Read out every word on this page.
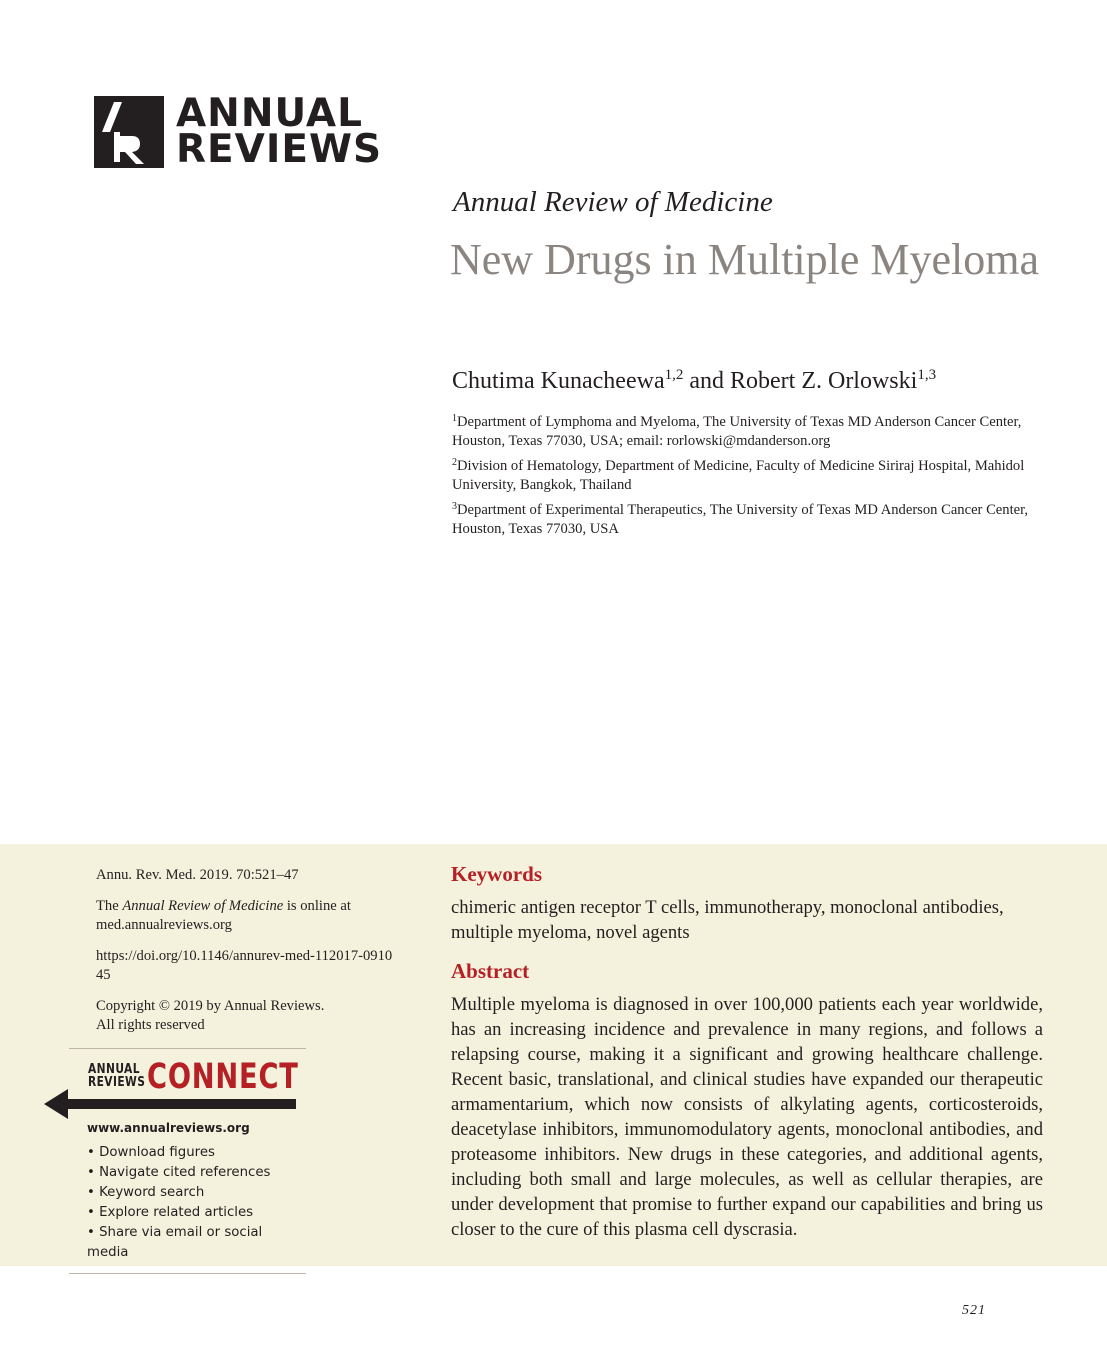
ANNUAL
REVIEWS
Annual Review of Medicine
New Drugs in Multiple Myeloma
Chutima Kunacheewa$^{1,2}$ and Robert Z. Orlowski$^{1,3}$
$^1$Department of Lymphoma and Myeloma, The University of Texas MD Anderson Cancer Center, Houston, Texas 77030, USA; email: rorlowski@mdanderson.org
$^2$Division of Hematology, Department of Medicine, Faculty of Medicine Siriraj Hospital, Mahidol University, Bangkok, Thailand
$^3$Department of Experimental Therapeutics, The University of Texas MD Anderson Cancer Center, Houston, Texas 77030, USA

Annu. Rev. Med. 2019. 70:521–47

The Annual Review of Medicine is online at med.annualreviews.org

https://doi.org/10.1146/annurev-med-112017-091045

Copyright © 2019 by Annual Reviews.
All rights reserved

ANNUAL
REVIEWS CONNECT
www.annualreviews.org
• Download figures
• Navigate cited references
• Keyword search
• Explore related articles
• Share via email or social media
Keywords

chimeric antigen receptor T cells, immunotherapy, monoclonal antibodies, multiple myeloma, novel agents

Abstract

Multiple myeloma is diagnosed in over 100,000 patients each year worldwide, has an increasing incidence and prevalence in many regions, and follows a relapsing course, making it a significant and growing healthcare challenge. Recent basic, translational, and clinical studies have expanded our therapeutic armamentarium, which now consists of alkylating agents, corticosteroids, deacetylase inhibitors, immunomodulatory agents, monoclonal antibodies, and proteasome inhibitors. New drugs in these categories, and additional agents, including both small and large molecules, as well as cellular therapies, are under development that promise to further expand our capabilities and bring us closer to the cure of this plasma cell dyscrasia.

521
